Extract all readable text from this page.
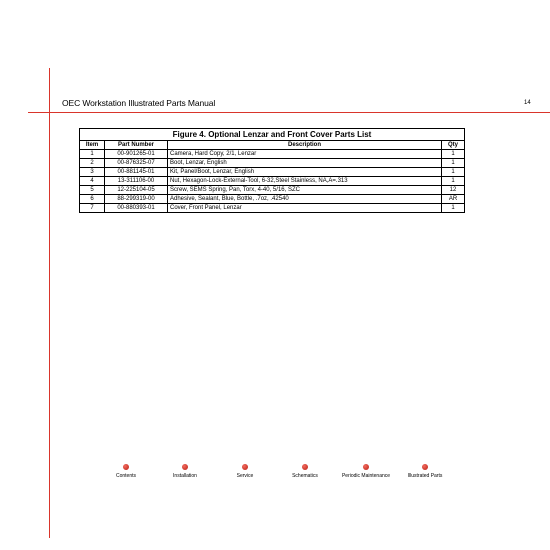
OEC Workstation Illustrated Parts Manual	14
Figure 4. Optional Lenzar and Front Cover Parts List			
Item	Part Number	Description	Qty
1	00-901265-01	Camera, Hard Copy, 2/1, Lenzar	1
2	00-876325-07	Boot, Lenzar, English	1
3	00-881145-01	Kit, Panel/Boot, Lenzar, English	1
4	13-311106-00	Nut, Hexagon-Lock-External-Tool, 6-32,Steel Stainless, NA,A=.313	1
5	12-225104-05	Screw, SEMS Spring, Pan, Torx, 4-40, 5/16, SZC	12
6	88-299319-00	Adhesive, Sealant, Blue, Bottle, .7oz, .42540	AR
7	00-880393-01	Cover, Front Panel, Lenzar	1
Contents	Installation	Service	Schematics	Periodic Maintenance	Illustrated Parts
